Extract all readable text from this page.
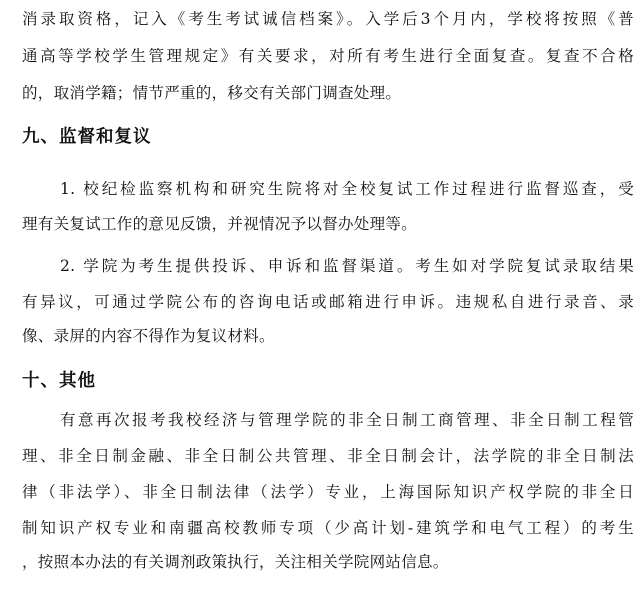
消录取资格，记入《考生考试诚信档案》。入学后3个月内，学校将按照《普
通高等学校学生管理规定》有关要求，对所有考生进行全面复查。复查不合格
的，取消学籍；情节严重的，移交有关部门调查处理。
九、监督和复议
1. 校纪检监察机构和研究生院将对全校复试工作过程进行监督巡查，受
理有关复试工作的意见反馈，并视情况予以督办处理等。
2. 学院为考生提供投诉、申诉和监督渠道。考生如对学院复试录取结果
有异议，可通过学院公布的咨询电话或邮箱进行申诉。违规私自进行录音、录
像、录屏的内容不得作为复议材料。
十、其他
有意再次报考我校经济与管理学院的非全日制工商管理、非全日制工程管
理、非全日制金融、非全日制公共管理、非全日制会计，法学院的非全日制法
律（非法学）、非全日制法律（法学）专业，上海国际知识产权学院的非全日
制知识产权专业和南疆高校教师专项（少高计划-建筑学和电气工程）的考生
，按照本办法的有关调剂政策执行，关注相关学院网站信息。
